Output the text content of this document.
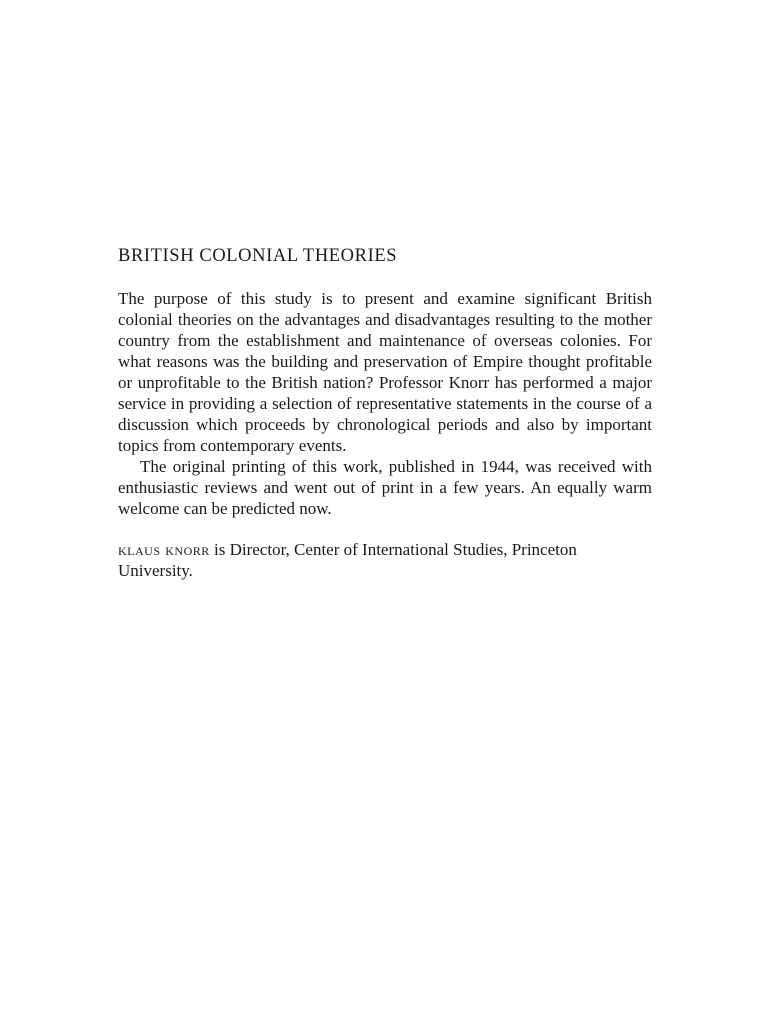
BRITISH COLONIAL THEORIES

The purpose of this study is to present and examine significant British colonial theories on the advantages and disadvantages resulting to the mother country from the establishment and maintenance of overseas colonies. For what reasons was the building and preservation of Empire thought profitable or unprofitable to the British nation? Professor Knorr has performed a major service in providing a selection of representative statements in the course of a discussion which proceeds by chronological periods and also by important topics from contemporary events.

The original printing of this work, published in 1944, was received with enthusiastic reviews and went out of print in a few years. An equally warm welcome can be predicted now.

klaus knorr is Director, Center of International Studies, Princeton University.
